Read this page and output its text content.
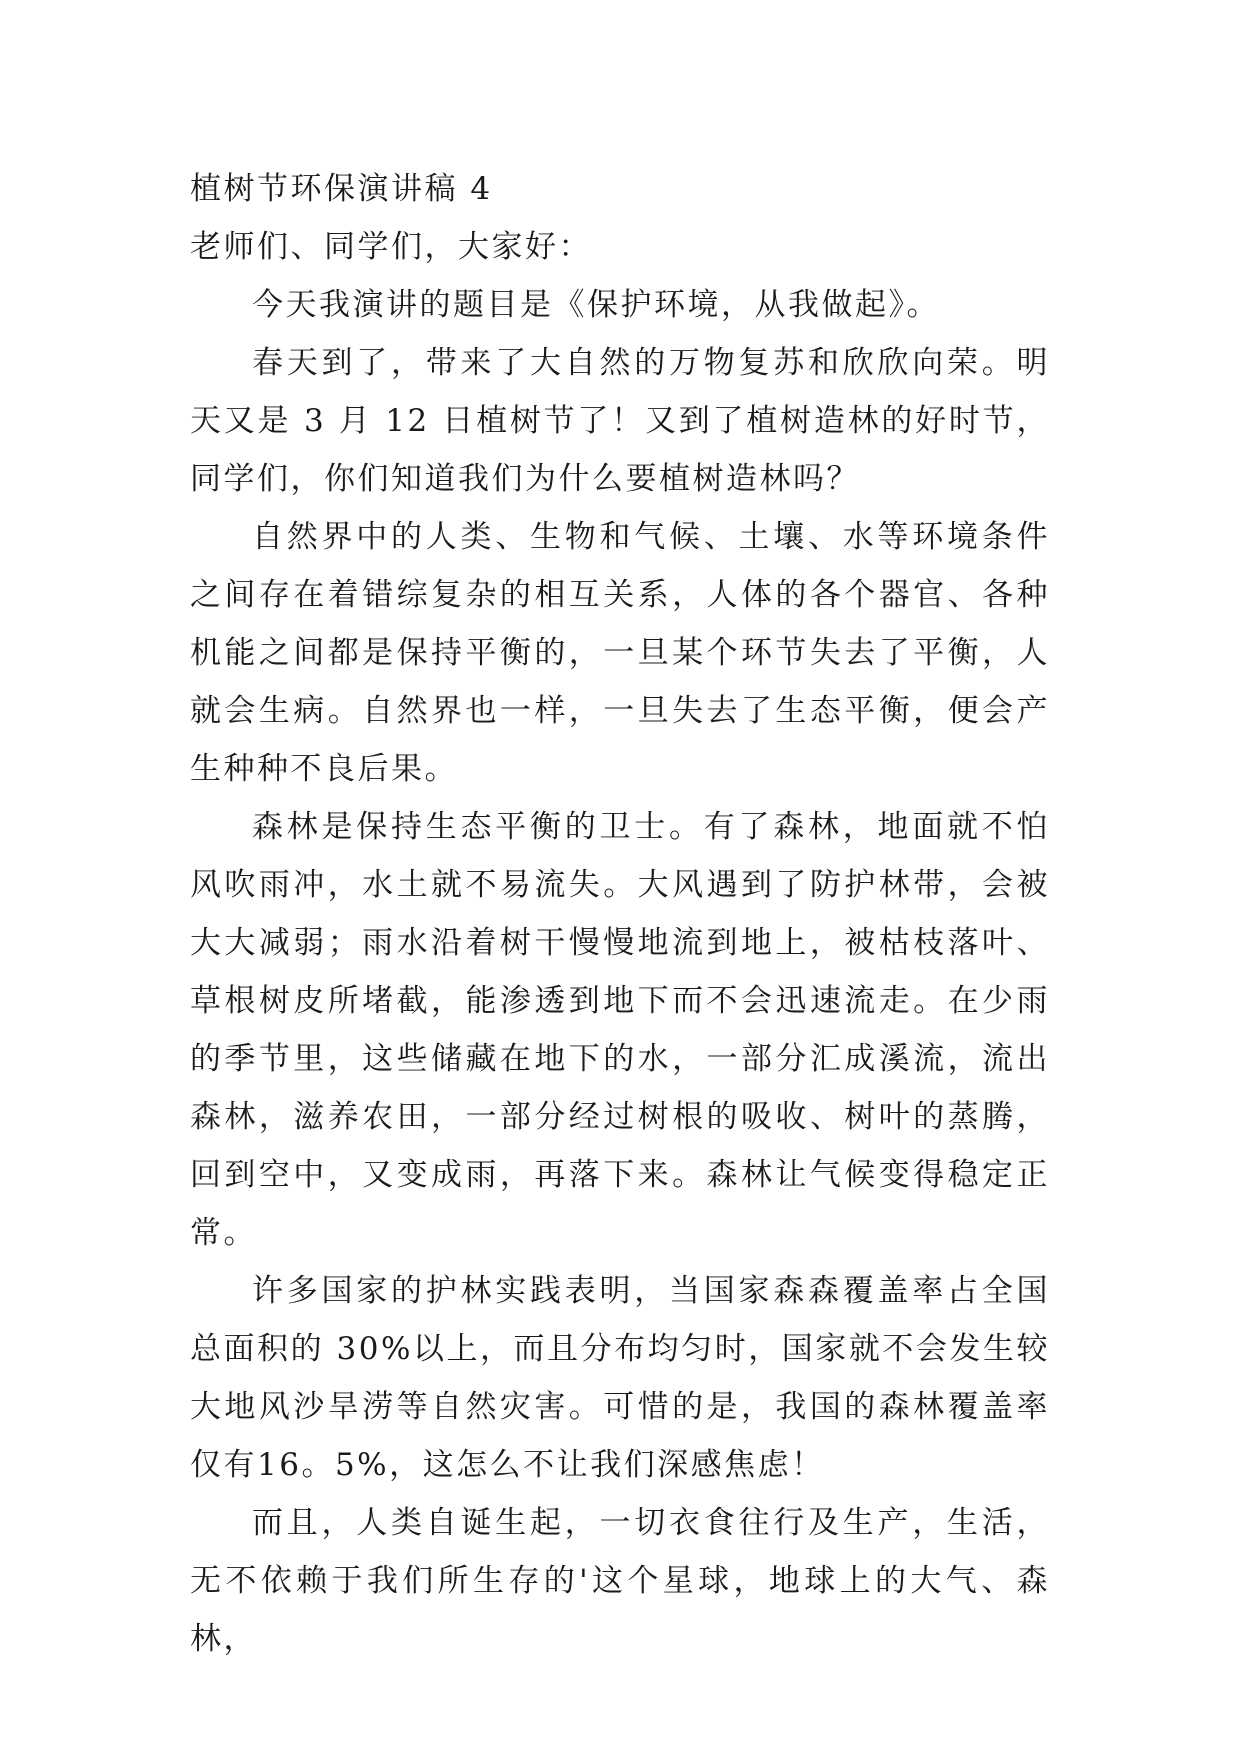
植树节环保演讲稿 4

老师们、同学们，大家好：

今天我演讲的题目是《保护环境，从我做起》。

春天到了，带来了大自然的万物复苏和欣欣向荣。明天又是 3 月 12 日植树节了！又到了植树造林的好时节，同学们，你们知道我们为什么要植树造林吗？

自然界中的人类、生物和气候、土壤、水等环境条件之间存在着错综复杂的相互关系，人体的各个器官、各种机能之间都是保持平衡的，一旦某个环节失去了平衡，人就会生病。自然界也一样，一旦失去了生态平衡，便会产生种种不良后果。

森林是保持生态平衡的卫士。有了森林，地面就不怕风吹雨冲，水土就不易流失。大风遇到了防护林带，会被大大减弱；雨水沿着树干慢慢地流到地上，被枯枝落叶、草根树皮所堵截，能渗透到地下而不会迅速流走。在少雨的季节里，这些储藏在地下的水，一部分汇成溪流，流出森林，滋养农田，一部分经过树根的吸收、树叶的蒸腾，回到空中，又变成雨，再落下来。森林让气候变得稳定正常。

许多国家的护林实践表明，当国家森森覆盖率占全国总面积的 30%以上，而且分布均匀时，国家就不会发生较大地风沙旱涝等自然灾害。可惜的是，我国的森林覆盖率仅有16。5%，这怎么不让我们深感焦虑！

而且，人类自诞生起，一切衣食往行及生产，生活，无不依赖于我们所生存的'这个星球，地球上的大气、森林，
